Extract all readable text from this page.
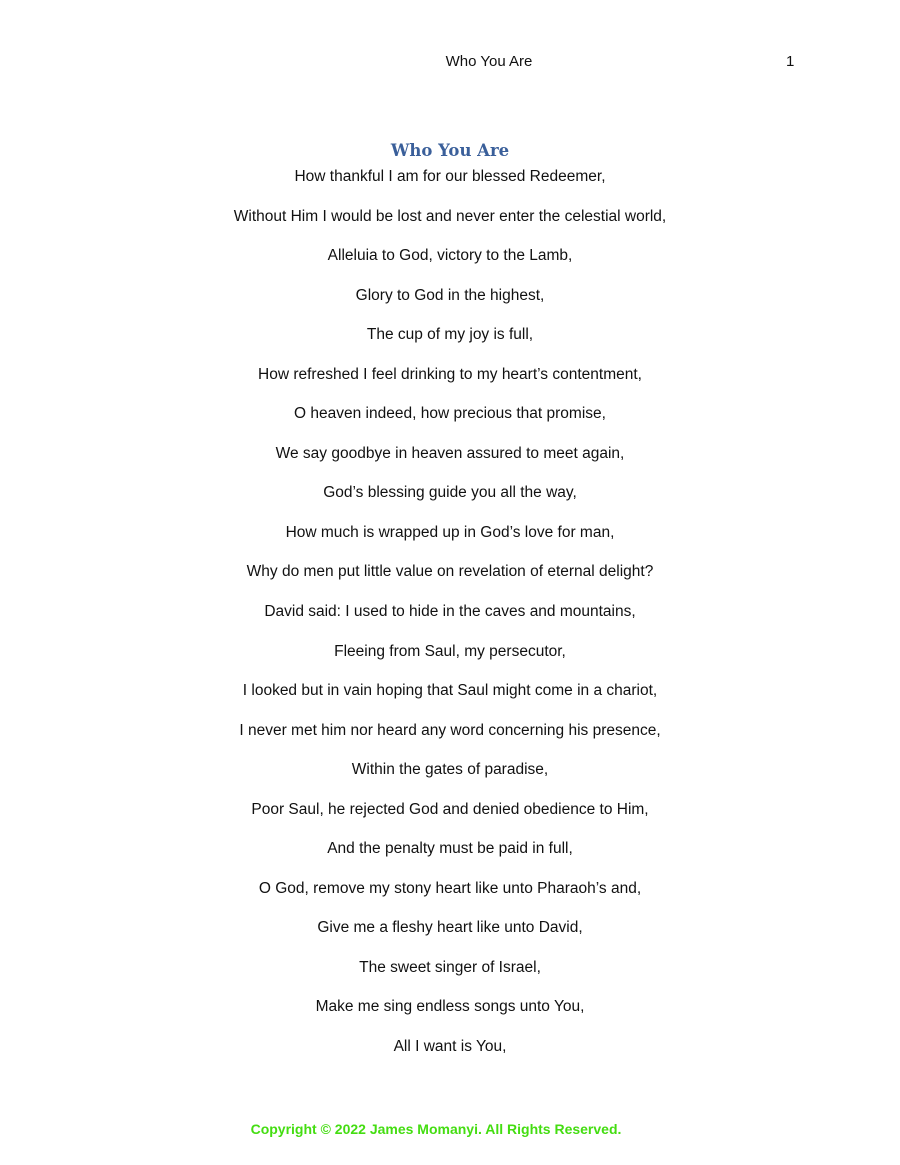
Who You Are	1
Who You Are
How thankful I am for our blessed Redeemer,
Without Him I would be lost and never enter the celestial world,
Alleluia to God, victory to the Lamb,
Glory to God in the highest,
The cup of my joy is full,
How refreshed I feel drinking to my heart’s contentment,
O heaven indeed, how precious that promise,
We say goodbye in heaven assured to meet again,
God’s blessing guide you all the way,
How much is wrapped up in God’s love for man,
Why do men put little value on revelation of eternal delight?
David said: I used to hide in the caves and mountains,
Fleeing from Saul, my persecutor,
I looked but in vain hoping that Saul might come in a chariot,
I never met him nor heard any word concerning his presence,
Within the gates of paradise,
Poor Saul, he rejected God and denied obedience to Him,
And the penalty must be paid in full,
O God, remove my stony heart like unto Pharaoh’s and,
Give me a fleshy heart like unto David,
The sweet singer of Israel,
Make me sing endless songs unto You,
All I want is You,
Copyright © 2022 James Momanyi. All Rights Reserved.
